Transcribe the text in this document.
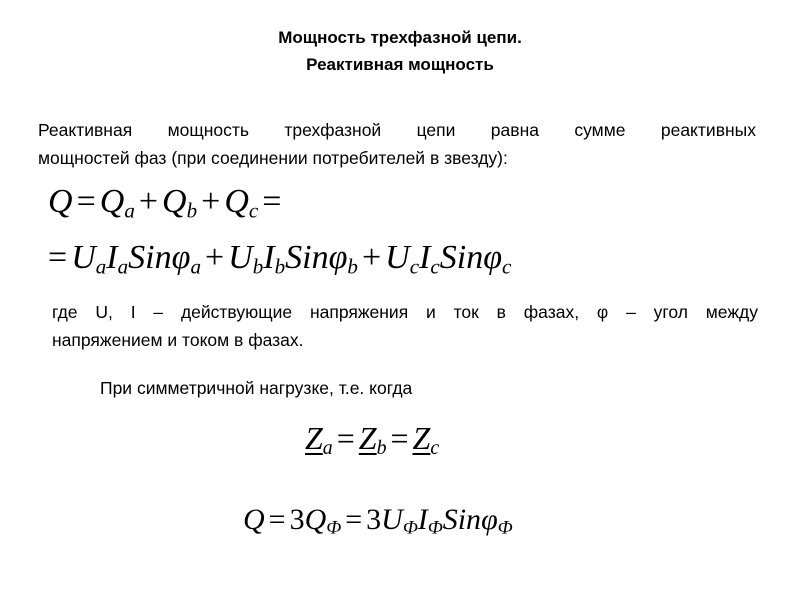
Мощность трехфазной цепи.
Реактивная мощность
Реактивная мощность трехфазной цепи равна сумме реактивных
мощностей фаз (при соединении потребителей в звезду):
$Q = Q_a + Q_b + Q_c$ =
= $U_aI_aSin\varphi_a + U_bI_bSin\varphi_b + U_cI_cSin\varphi_c$
где U, I – действующие напряжения и ток в фазах, φ – угол между
напряжением и током в фазах.
При симметричной нагрузке, т.е. когда
$Z_a = Z_b = Z_c$
$Q = 3Q_Ф = 3U_ФI_ФSin\varphi_Ф$
